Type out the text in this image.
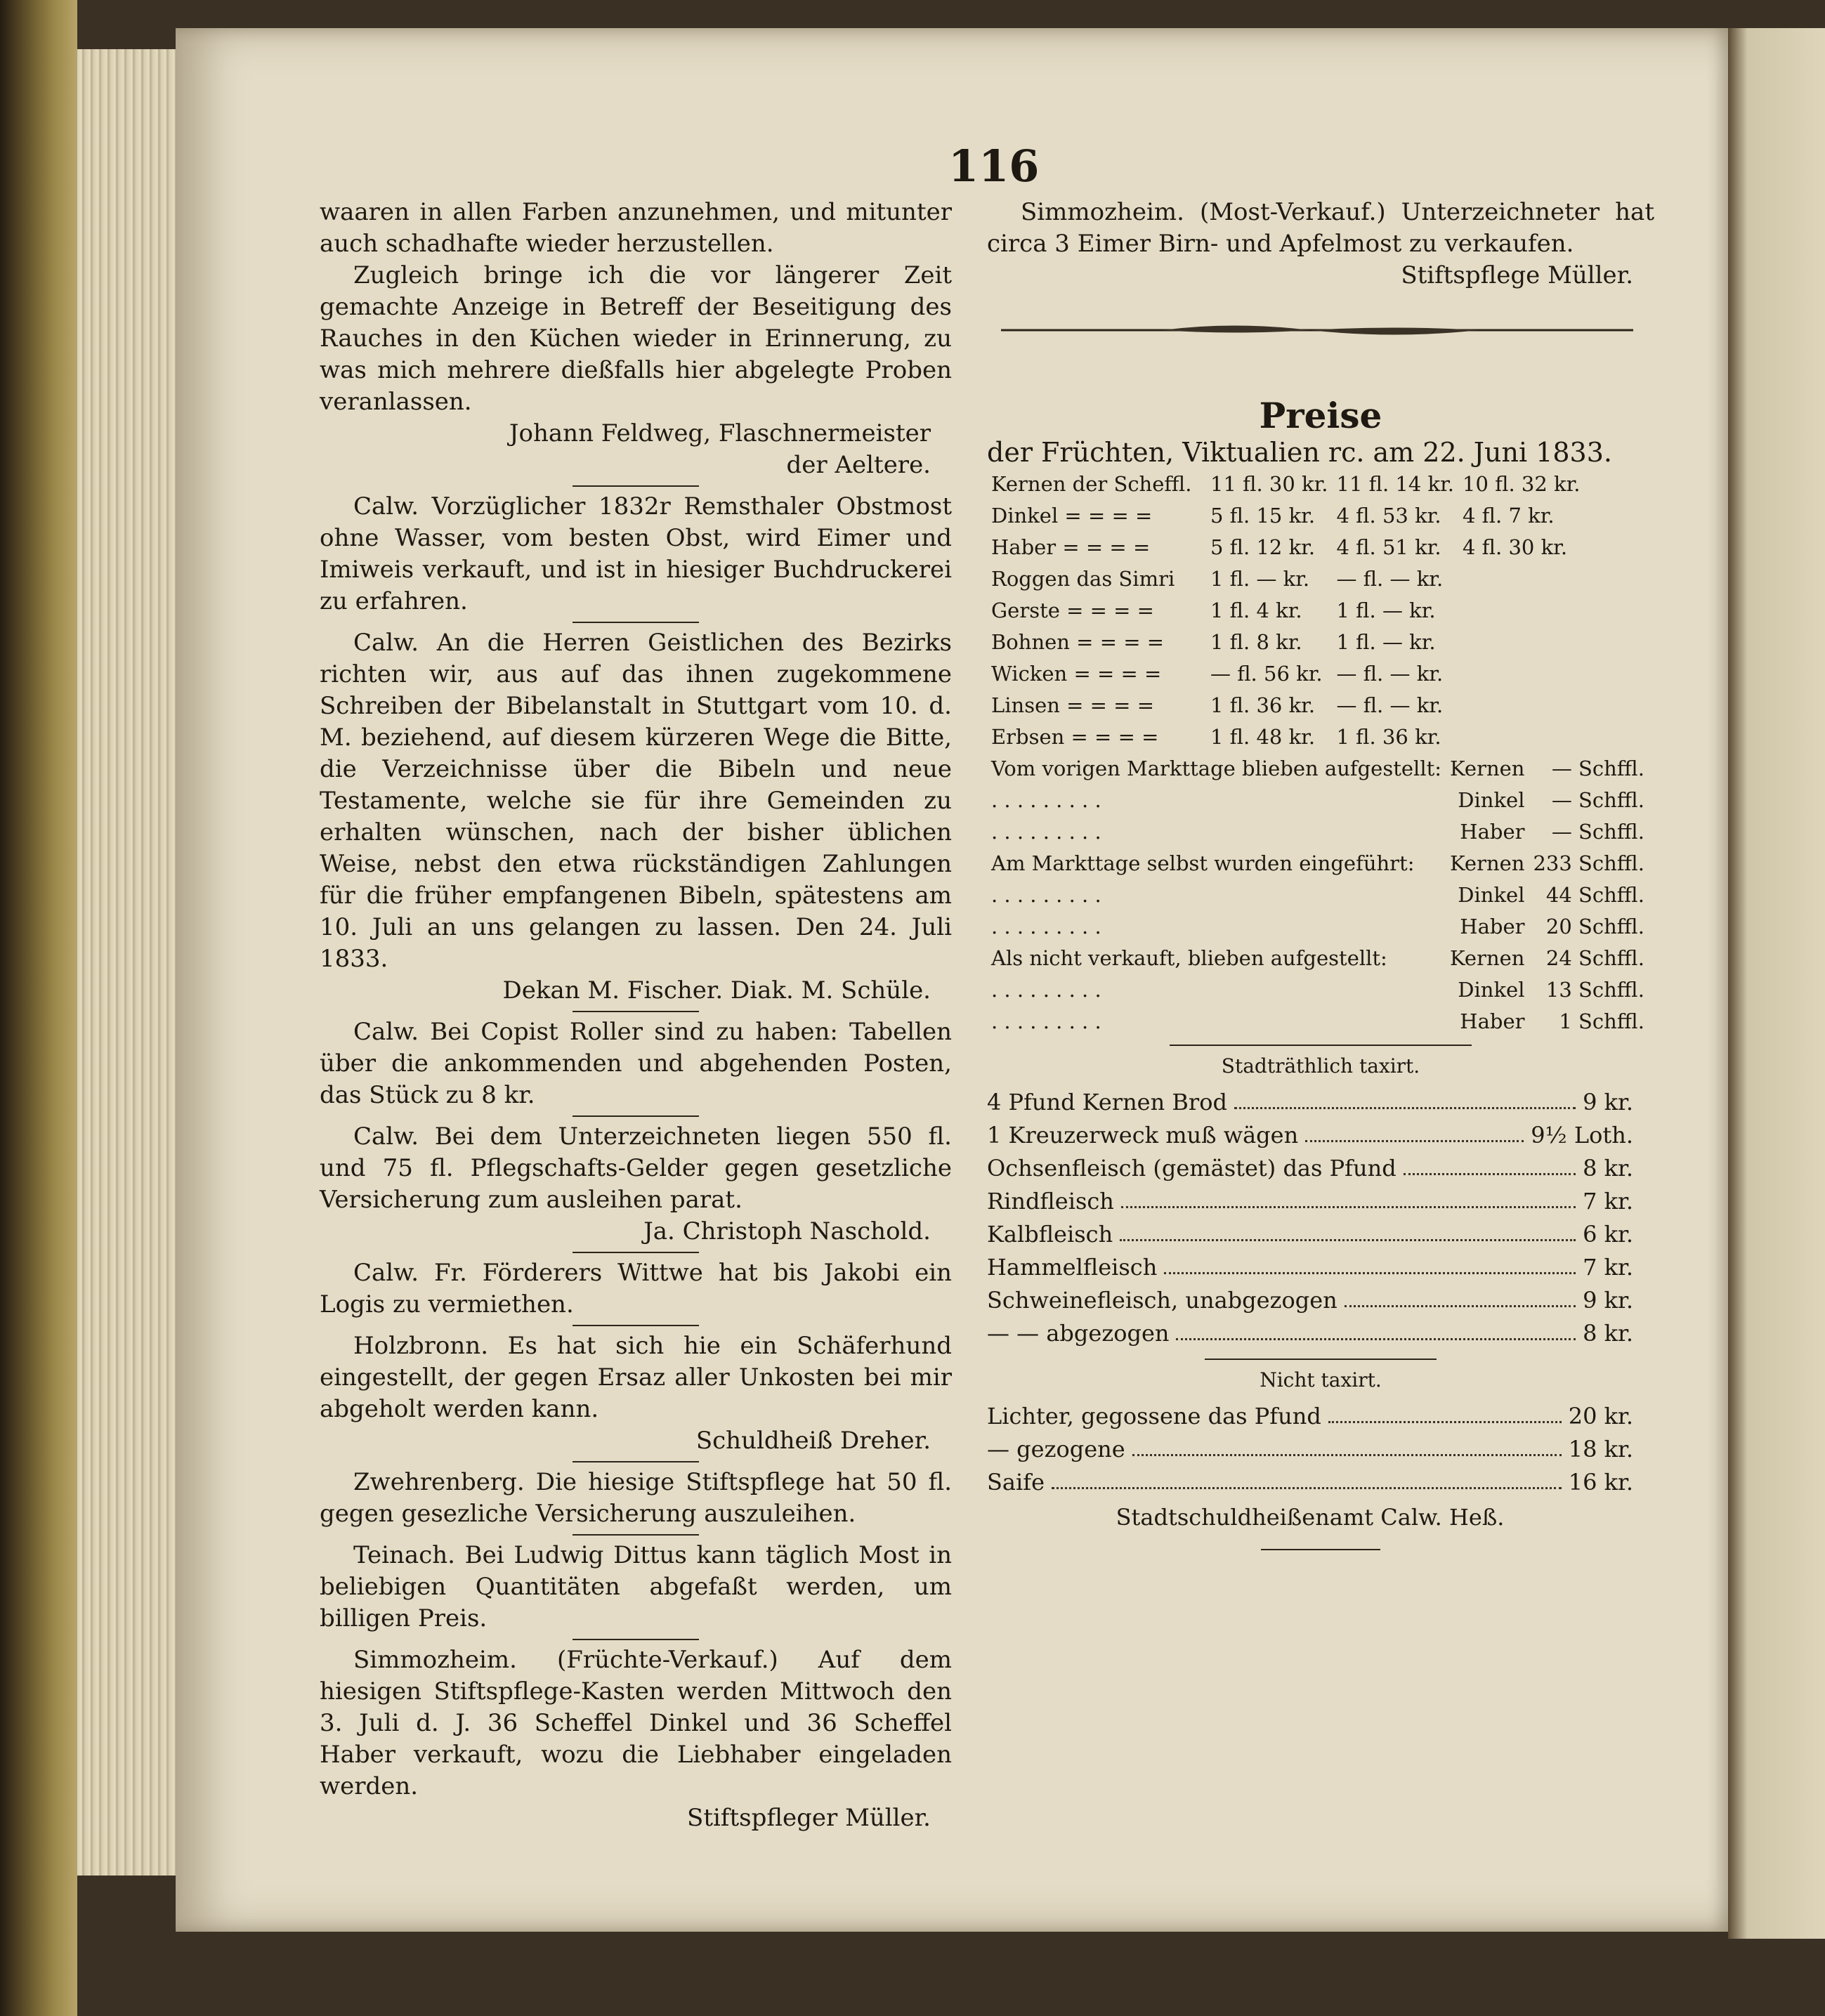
116

waaren in allen Farben anzunehmen, und mitunter auch schadhafte wieder herzustellen.

Zugleich bringe ich die vor längerer Zeit gemachte Anzeige in Betreff der Beseitigung des Rauches in den Küchen wieder in Erinnerung, zu was mich mehrere dießfalls hier abgelegte Proben veranlassen.

Johann Feldweg, Flaschnermeister

der Aeltere.

Calw. Vorzüglicher 1832r Remsthaler Obstmost ohne Wasser, vom besten Obst, wird Eimer und Imiweis verkauft, und ist in hiesiger Buchdruckerei zu erfahren.

Calw. An die Herren Geistlichen des Bezirks richten wir, aus auf das ihnen zugekommene Schreiben der Bibelanstalt in Stuttgart vom 10. d. M. beziehend, auf diesem kürzeren Wege die Bitte, die Verzeichnisse über die Bibeln und neue Testamente, welche sie für ihre Gemeinden zu erhalten wünschen, nach der bisher üblichen Weise, nebst den etwa rückständigen Zahlungen für die früher empfangenen Bibeln, spätestens am 10. Juli an uns gelangen zu lassen. Den 24. Juli 1833.

Dekan M. Fischer. Diak. M. Schüle.

Calw. Bei Copist Roller sind zu haben: Tabellen über die ankommenden und abgehenden Posten, das Stück zu 8 kr.

Calw. Bei dem Unterzeichneten liegen 550 fl. und 75 fl. Pflegschafts-Gelder gegen gesetzliche Versicherung zum ausleihen parat.

Ja. Christoph Naschold.

Calw. Fr. Förderers Wittwe hat bis Jakobi ein Logis zu vermiethen.

Holzbronn. Es hat sich hie ein Schäferhund eingestellt, der gegen Ersaz aller Unkosten bei mir abgeholt werden kann.

Schuldheiß Dreher.

Zwehrenberg. Die hiesige Stiftspflege hat 50 fl. gegen gesezliche Versicherung auszuleihen.

Teinach. Bei Ludwig Dittus kann täglich Most in beliebigen Quantitäten abgefaßt werden, um billigen Preis.

Simmozheim. (Früchte-Verkauf.) Auf dem hiesigen Stiftspflege-Kasten werden Mittwoch den 3. Juli d. J. 36 Scheffel Dinkel und 36 Scheffel Haber verkauft, wozu die Liebhaber eingeladen werden.

Stiftspfleger Müller.

Simmozheim. (Most-Verkauf.) Unterzeichneter hat circa 3 Eimer Birn- und Apfelmost zu verkaufen.

Stiftspflege Müller.

Preise

der Früchten, Viktualien rc. am 22. Juni 1833.

Kernen der Scheffl.	11 fl. 30 kr.	11 fl. 14 kr.	10 fl. 32 kr.
Dinkel = = = =	5 fl. 15 kr.	4 fl. 53 kr.	4 fl. 7 kr.
Haber = = = =	5 fl. 12 kr.	4 fl. 51 kr.	4 fl. 30 kr.
Roggen das Simri	1 fl. — kr.	— fl. — kr.	
Gerste = = = =	1 fl. 4 kr.	1 fl. — kr.	
Bohnen = = = =	1 fl. 8 kr.	1 fl. — kr.	
Wicken = = = =	— fl. 56 kr.	— fl. — kr.	
Linsen = = = =	1 fl. 36 kr.	— fl. — kr.	
Erbsen = = = =	1 fl. 48 kr.	1 fl. 36 kr.	
Vom vorigen Markttage blieben aufgestellt:	Kernen	— Schffl.
. . . . . . . . .	Dinkel	— Schffl.
. . . . . . . . .	Haber	— Schffl.
Am Markttage selbst wurden eingeführt:	Kernen	233 Schffl.
. . . . . . . . .	Dinkel	44 Schffl.
. . . . . . . . .	Haber	20 Schffl.
Als nicht verkauft, blieben aufgestellt:	Kernen	24 Schffl.
. . . . . . . . .	Dinkel	13 Schffl.
. . . . . . . . .	Haber	1 Schffl.
Stadträthlich taxirt.
4 Pfund Kernen Brod	9 kr.
1 Kreuzerweck muß wägen	9½ Loth.
Ochsenfleisch (gemästet) das Pfund	8 kr.
Rindfleisch	7 kr.
Kalbfleisch	6 kr.
Hammelfleisch	7 kr.
Schweinefleisch, unabgezogen	9 kr.
— — abgezogen	8 kr.
Nicht taxirt.
Lichter, gegossene das Pfund	20 kr.
— gezogene	18 kr.
Saife	16 kr.
Stadtschuldheißenamt Calw. Heß.
